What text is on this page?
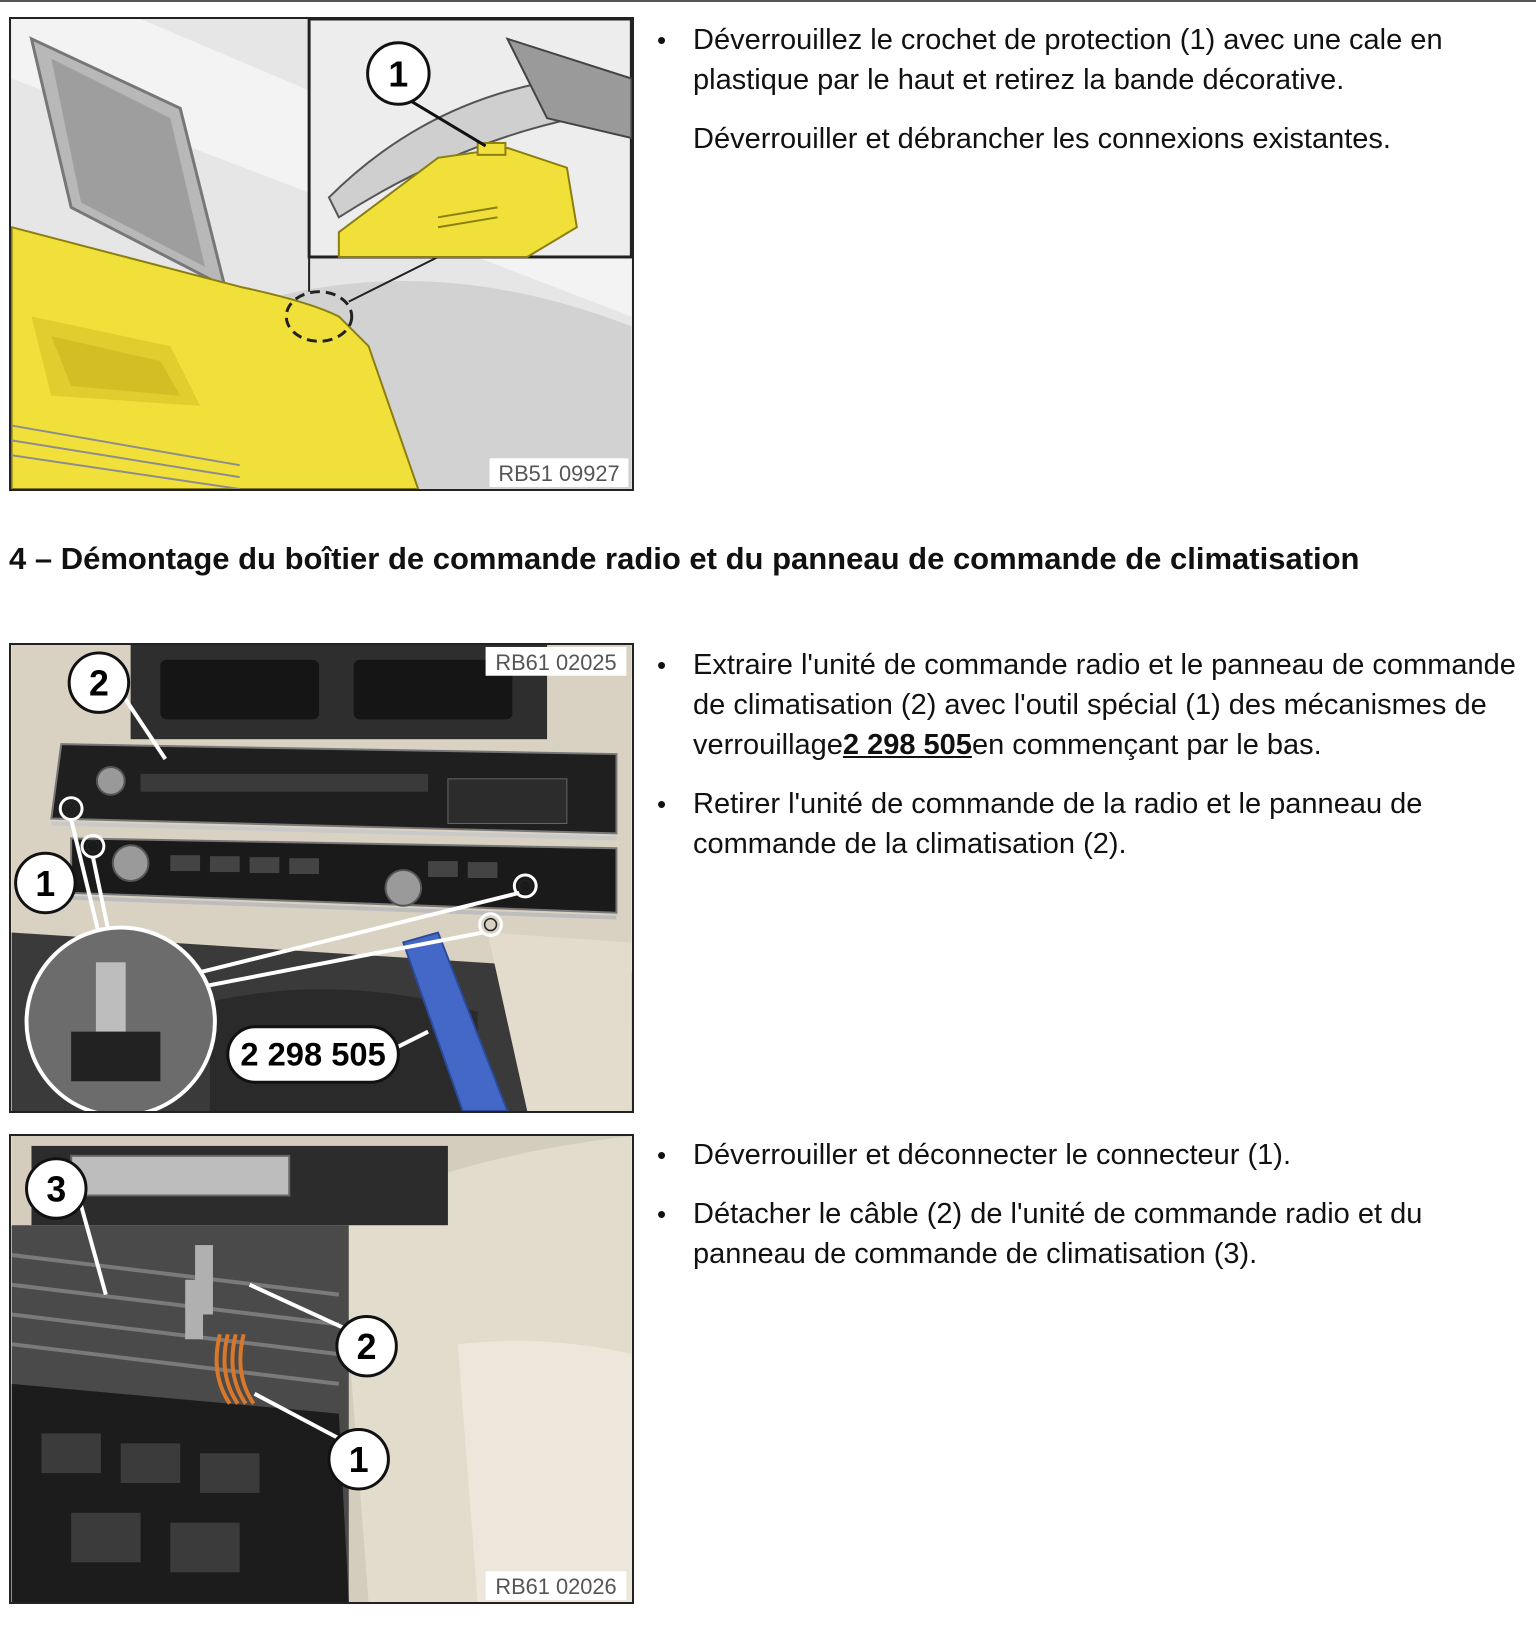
1
RB51 09927
• Déverrouillez le crochet de protection (1) avec une cale en plastique par le haut et retirez la bande décorative.

Déverrouiller et débrancher les connexions existantes.

4 – Démontage du boîtier de commande radio et du panneau de commande de climatisation
2
1
2 298 505
RB61 02025
•	Extraire l'unité de commande radio et le panneau de commande de climatisation (2) avec l'outil spécial (1) des mécanismes de verrouillage2 298 505en commençant par le bas.
• Retirer l'unité de commande de la radio et le panneau de commande de la climatisation (2).
3
2
1
RB61 02026
• Déverrouiller et déconnecter le connecteur (1).
• Détacher le câble (2) de l'unité de commande radio et du panneau de commande de climatisation (3).
